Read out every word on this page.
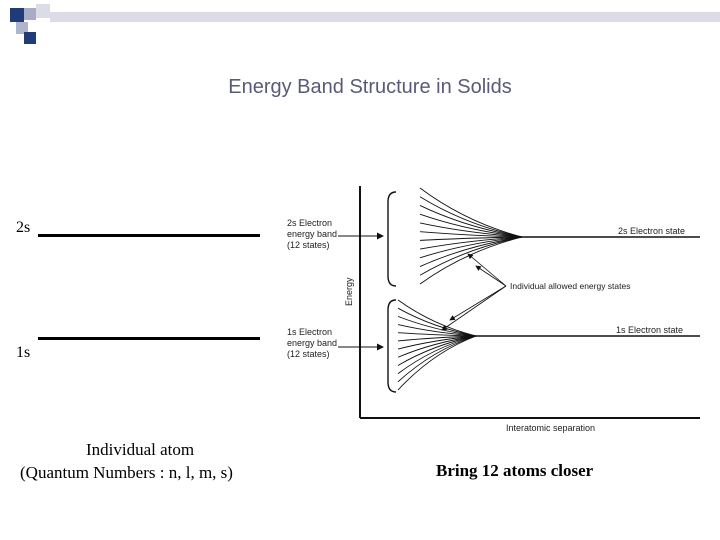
Energy Band Structure in Solids
2s
1s
Individual atom
(Quantum Numbers : n, l, m, s)	Bring 12 atoms closer
Energy
Interatomic separation
2s Electron
energy band
(12 states)
1s Electron
energy band
(12 states)
2s Electron state
1s Electron state
Individual allowed energy states
